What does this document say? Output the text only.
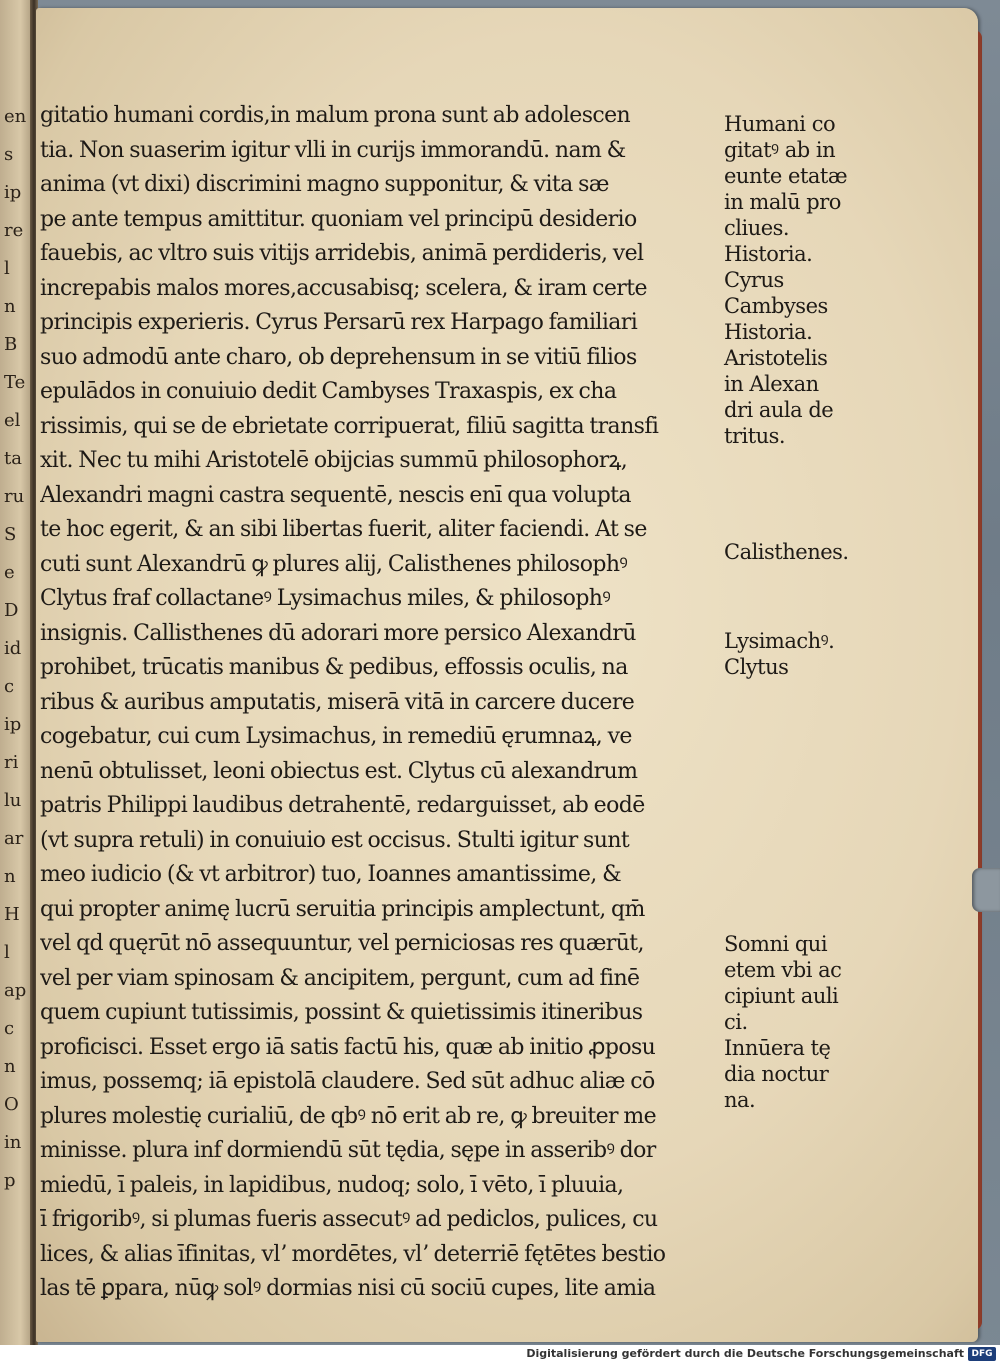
en
s
ip
re
l
n
B
Te
el
ta
ru
S
e
D
id
c
ip
ri
lu
ar
n
H
l
ap
c
n
O
in
p
gitatio humani cordis,in malum prona sunt ab adolescen
tia. Non suaserim igitur vlli in curijs immorandū. nam &
anima (vt dixi) discrimini magno supponitur, & vita sæ
pe ante tempus amittitur. quoniam vel principū desiderio
fauebis, ac vltro suis vitijs arridebis, animā perdideris, vel
increpabis malos mores,accusabisq; scelera, & iram certe
principis experieris. Cyrus Persarū rex Harpago familiari
suo admodū ante charo, ob deprehensum in se vitiū filios
epulādos in conuiuio dedit Cambyses Traxaspis, ex cha
rissimis, qui se de ebrietate corripuerat, filiū sagitta transfi
xit. Nec tu mihi Aristotelē obijcias summū philosophorꝝ,
Alexandri magni castra sequentē, nescis enī qua volupta
te hoc egerit, & an sibi libertas fuerit, aliter faciendi. At se
cuti sunt Alexandrū ꝙ plures alij, Calisthenes philosophꝰ
Clytus fraf collactaneꝰ Lysimachus miles, & philosophꝰ
insignis. Callisthenes dū adorari more persico Alexandrū
prohibet, trūcatis manibus & pedibus, effossis oculis, na
ribus & auribus amputatis, miserā vitā in carcere ducere
cogebatur, cui cum Lysimachus, in remediū ęrumnaꝝ, ve
nenū obtulisset, leoni obiectus est. Clytus cū alexandrum
patris Philippi laudibus detrahentē, redarguisset, ab eodē
(vt supra retuli) in conuiuio est occisus. Stulti igitur sunt
meo iudicio (& vt arbitror) tuo, Ioannes amantissime, &
qui propter animę lucrū seruitia principis amplectunt, qm̄
vel qd quęrūt nō assequuntur, vel perniciosas res quærūt,
vel per viam spinosam & ancipitem, pergunt, cum ad finē
quem cupiunt tutissimis, possint & quietissimis itineribus
proficisci. Esset ergo iā satis factū his, quæ ab initio ꝓposu
imus, possemq; iā epistolā claudere. Sed sūt adhuc aliæ cō
plures molestię curialiū, de qbꝰ nō erit ab re, ꝙ breuiter me
minisse. plura inf dormiendū sūt tędia, sępe in asseribꝰ dor
miedū, ī paleis, in lapidibus, nudoq; solo, ī vēto, ī pluuia,
ī frigoribꝰ, si plumas fueris assecutꝰ ad pediclos, pulices, cu
lices, & alias īfinitas, vlʼ mordētes, vlʼ deterriē fętētes bestio
las tē ꝑpara, nūꝙ solꝰ dormias nisi cū sociū cupes, lite amia
Humani co
gitatꝰ ab in
eunte etatæ
in malū pro
cliues.
Historia.
Cyrus
Cambyses
Historia.
Aristotelis
in Alexan
dri aula de
tritus.
Calisthenes.
Lysimachꝰ.
Clytus
Somni qui
etem vbi ac
cipiunt auli
ci.
Innūera tę
dia noctur
na.
Digitalisierung gefördert durch die Deutsche Forschungsgemeinschaft DFG
